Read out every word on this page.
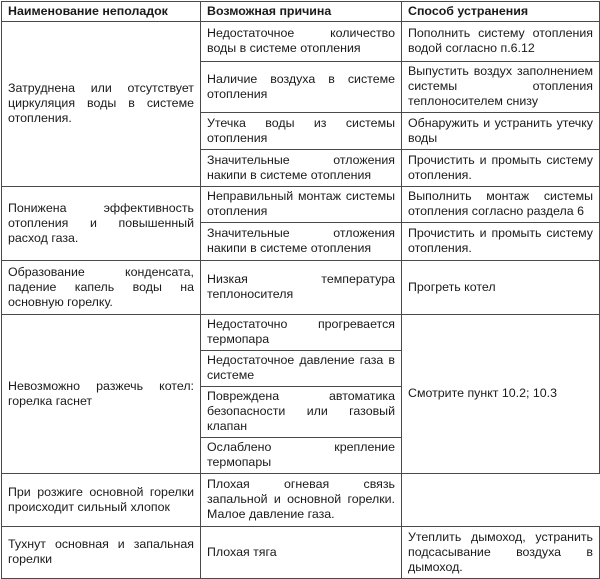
Наименование неполадок	Возможная причина	Способ устранения
Затруднена или отсутствует циркуляция воды в системе отопления.	Недостаточное количество воды в системе отопления	Пополнить систему отопления водой согласно п.6.12
	Наличие воздуха в системе отопления	Выпустить воздух заполнением системы отопления теплоносителем снизу
	Утечка воды из системы отопления	Обнаружить и устранить утечку воды
	Значительные отложения накипи в системе отопления	Прочистить и промыть систему отопления.
Понижена эффективность отопления и повышенный расход газа.	Неправильный монтаж системы отопления	Выполнить монтаж системы отопления согласно раздела 6
	Значительные отложения накипи в системе отопления	Прочистить и промыть систему отопления.
Образование конденсата, падение капель воды на основную горелку.	Низкая температура теплоносителя	Прогреть котел
Невозможно разжечь котел: горелка гаснет	Недостаточно прогревается термопара	Смотрите пункт 10.2; 10.3
	Недостаточное давление газа в системе	
	Повреждена автоматика безопасности или газовый клапан	
	Ослаблено крепление термопары	
При розжиге основной горелки происходит сильный хлопок	Плохая огневая связь запальной и основной горелки. Малое давление газа.	
Тухнут основная и запальная горелки	Плохая тяга	Утеплить дымоход, устранить подсасывание воздуха в дымоход.
